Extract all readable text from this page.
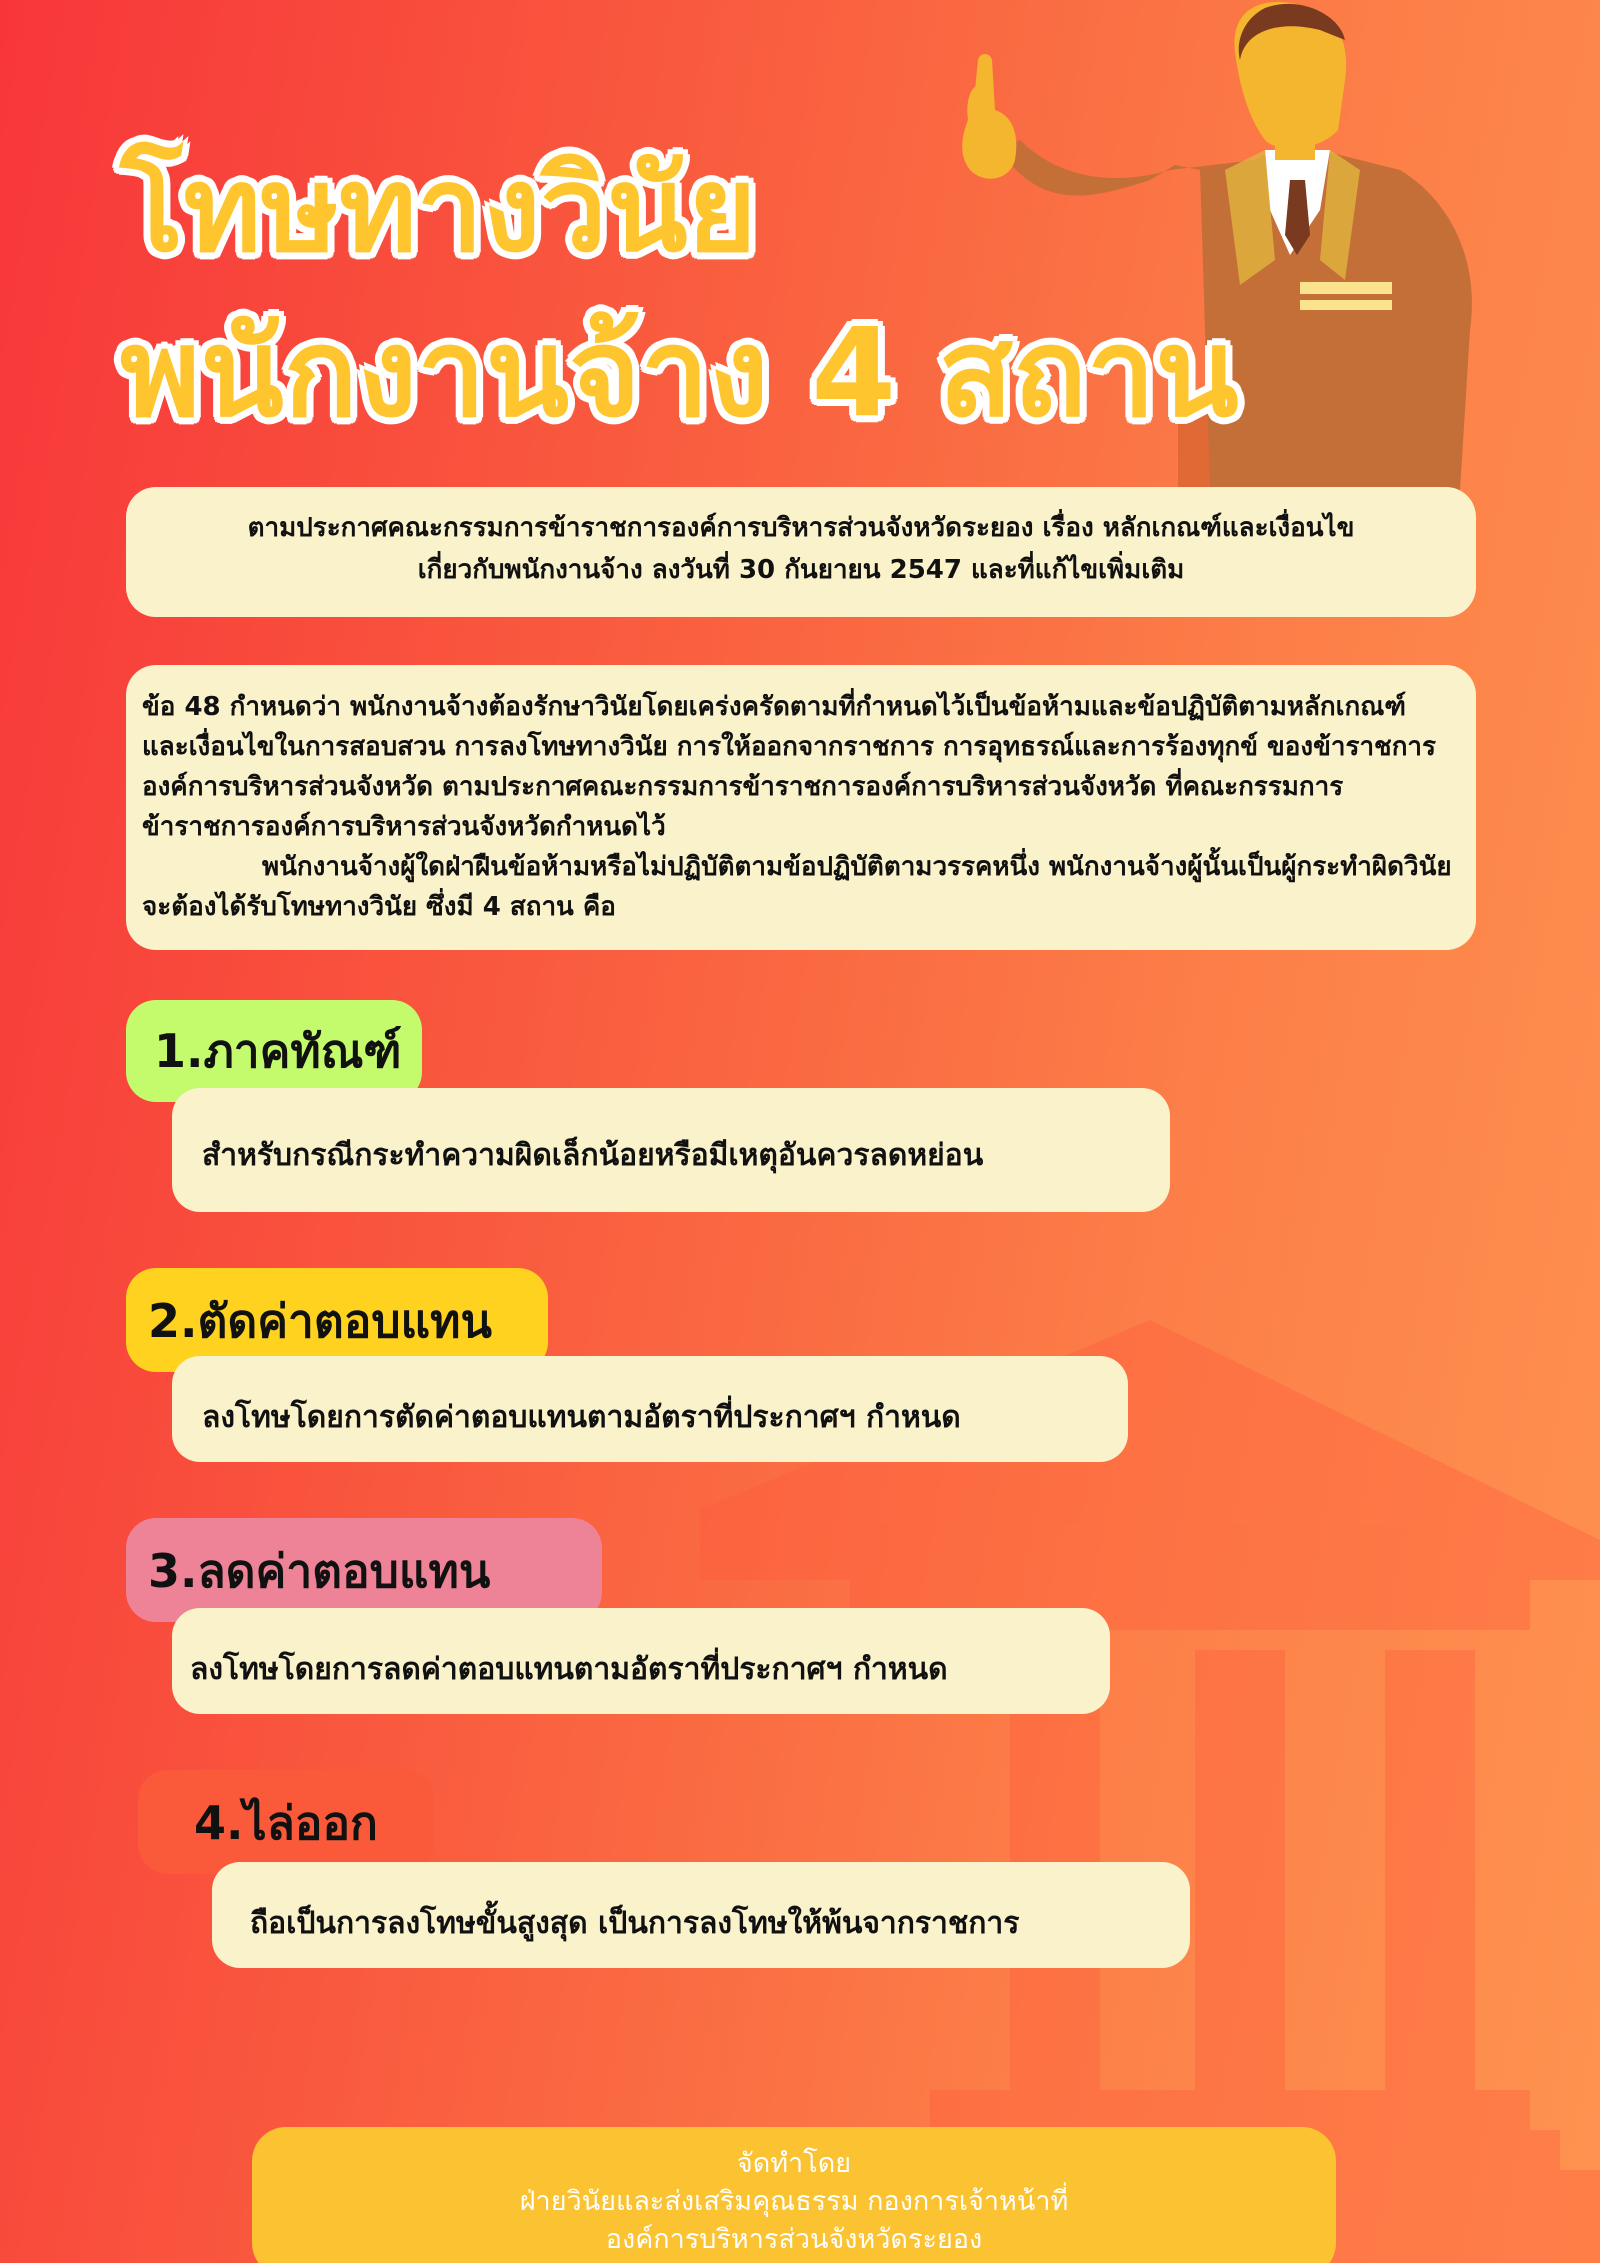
โทษทางวินัย
พนักงานจ้าง 4 สถาน
ตามประกาศคณะกรรมการข้าราชการองค์การบริหารส่วนจังหวัดระยอง เรื่อง หลักเกณฑ์และเงื่อนไข
เกี่ยวกับพนักงานจ้าง ลงวันที่ 30 กันยายน 2547 และที่แก้ไขเพิ่มเติม

ข้อ 48 กำหนดว่า พนักงานจ้างต้องรักษาวินัยโดยเคร่งครัดตามที่กำหนดไว้เป็นข้อห้ามและข้อปฏิบัติตามหลักเกณฑ์และเงื่อนไขในการสอบสวน การลงโทษทางวินัย การให้ออกจากราชการ การอุทธรณ์และการร้องทุกข์ ของข้าราชการองค์การบริหารส่วนจังหวัด ตามประกาศคณะกรรมการข้าราชการองค์การบริหารส่วนจังหวัด ที่คณะกรรมการข้าราชการองค์การบริหารส่วนจังหวัดกำหนดไว้

พนักงานจ้างผู้ใดฝ่าฝืนข้อห้ามหรือไม่ปฏิบัติตามข้อปฏิบัติตามวรรคหนึ่ง พนักงานจ้างผู้นั้นเป็นผู้กระทำผิดวินัย จะต้องได้รับโทษทางวินัย ซึ่งมี 4 สถาน คือ

1.ภาคทัณฑ์
สำหรับกรณีกระทำความผิดเล็กน้อยหรือมีเหตุอันควรลดหย่อน
2.ตัดค่าตอบแทน
ลงโทษโดยการตัดค่าตอบแทนตามอัตราที่ประกาศฯ กำหนด
3.ลดค่าตอบแทน
ลงโทษโดยการลดค่าตอบแทนตามอัตราที่ประกาศฯ กำหนด
4.ไล่ออก
ถือเป็นการลงโทษขั้นสูงสุด เป็นการลงโทษให้พ้นจากราชการ
จัดทำโดย
ฝ่ายวินัยและส่งเสริมคุณธรรม กองการเจ้าหน้าที่
องค์การบริหารส่วนจังหวัดระยอง
